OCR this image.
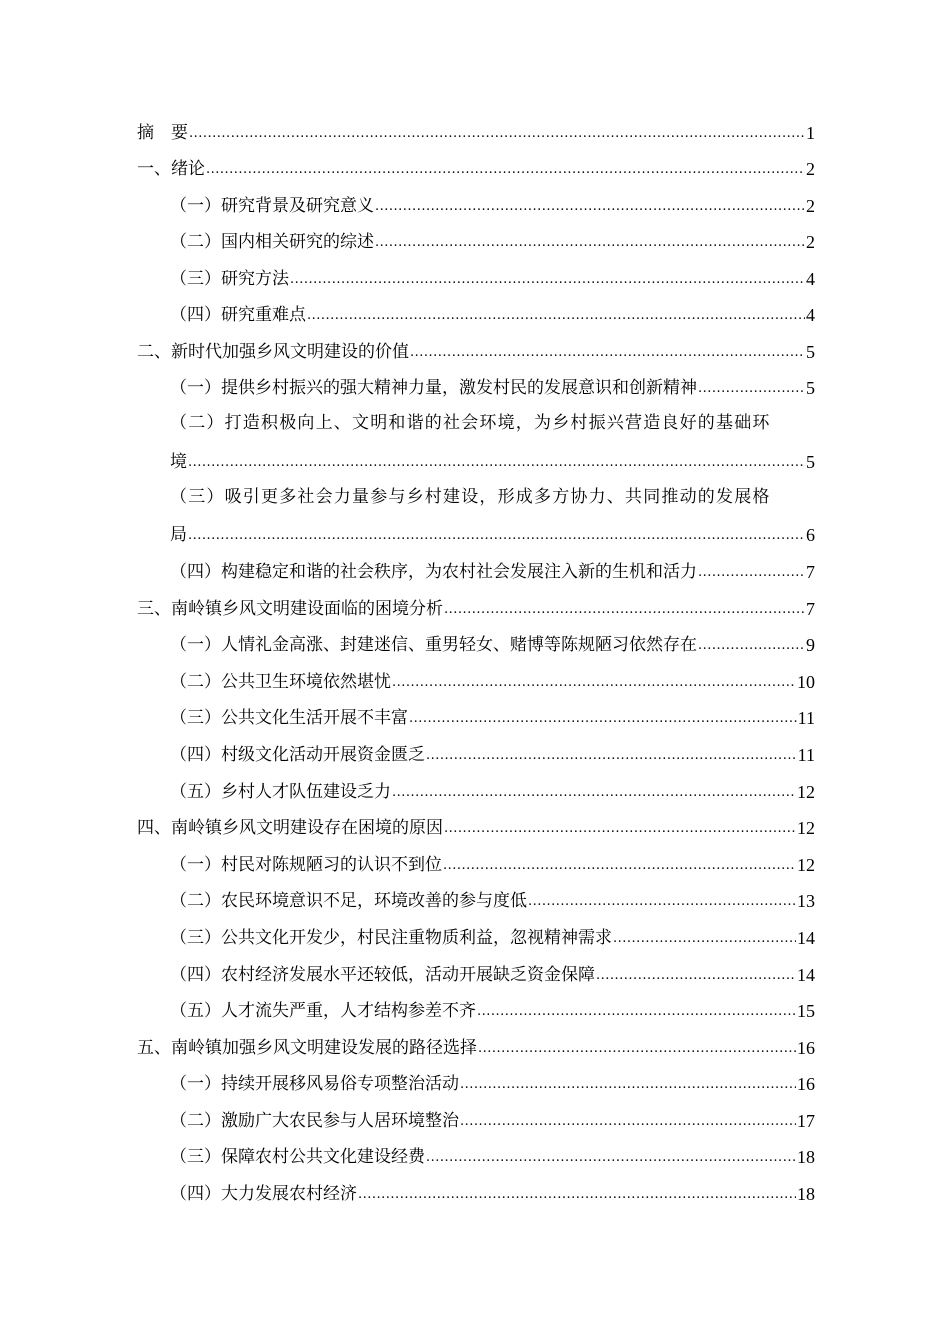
摘　要 .....	1
一、绪论 .....	2
（一）研究背景及研究意义 .....	2
（二）国内相关研究的综述 .....	2
（三）研究方法 .....	4
（四）研究重难点 .....	4
二、新时代加强乡风文明建设的价值 .....	5
（一）提供乡村振兴的强大精神力量，激发村民的发展意识和创新精神 .....	5
（二）打造积极向上、文明和谐的社会环境，为乡村振兴营造良好的基础环
境 .....	5
（三）吸引更多社会力量参与乡村建设，形成多方协力、共同推动的发展格
局 .....	6
（四）构建稳定和谐的社会秩序，为农村社会发展注入新的生机和活力 .....	7
三、南岭镇乡风文明建设面临的困境分析 .....	7
（一）人情礼金高涨、封建迷信、重男轻女、赌博等陈规陋习依然存在 .....	9
（二）公共卫生环境依然堪忧 .....	10
（三）公共文化生活开展不丰富 .....	11
（四）村级文化活动开展资金匮乏 .....	11
（五）乡村人才队伍建设乏力 .....	12
四、南岭镇乡风文明建设存在困境的原因 .....	12
（一）村民对陈规陋习的认识不到位 .....	12
（二）农民环境意识不足，环境改善的参与度低 .....	13
（三）公共文化开发少，村民注重物质利益，忽视精神需求 .....	14
（四）农村经济发展水平还较低，活动开展缺乏资金保障 .....	14
（五）人才流失严重，人才结构参差不齐 .....	15
五、南岭镇加强乡风文明建设发展的路径选择 .....	16
（一）持续开展移风易俗专项整治活动 .....	16
（二）激励广大农民参与人居环境整治 .....	17
（三）保障农村公共文化建设经费 .....	18
（四）大力发展农村经济 .....	18
